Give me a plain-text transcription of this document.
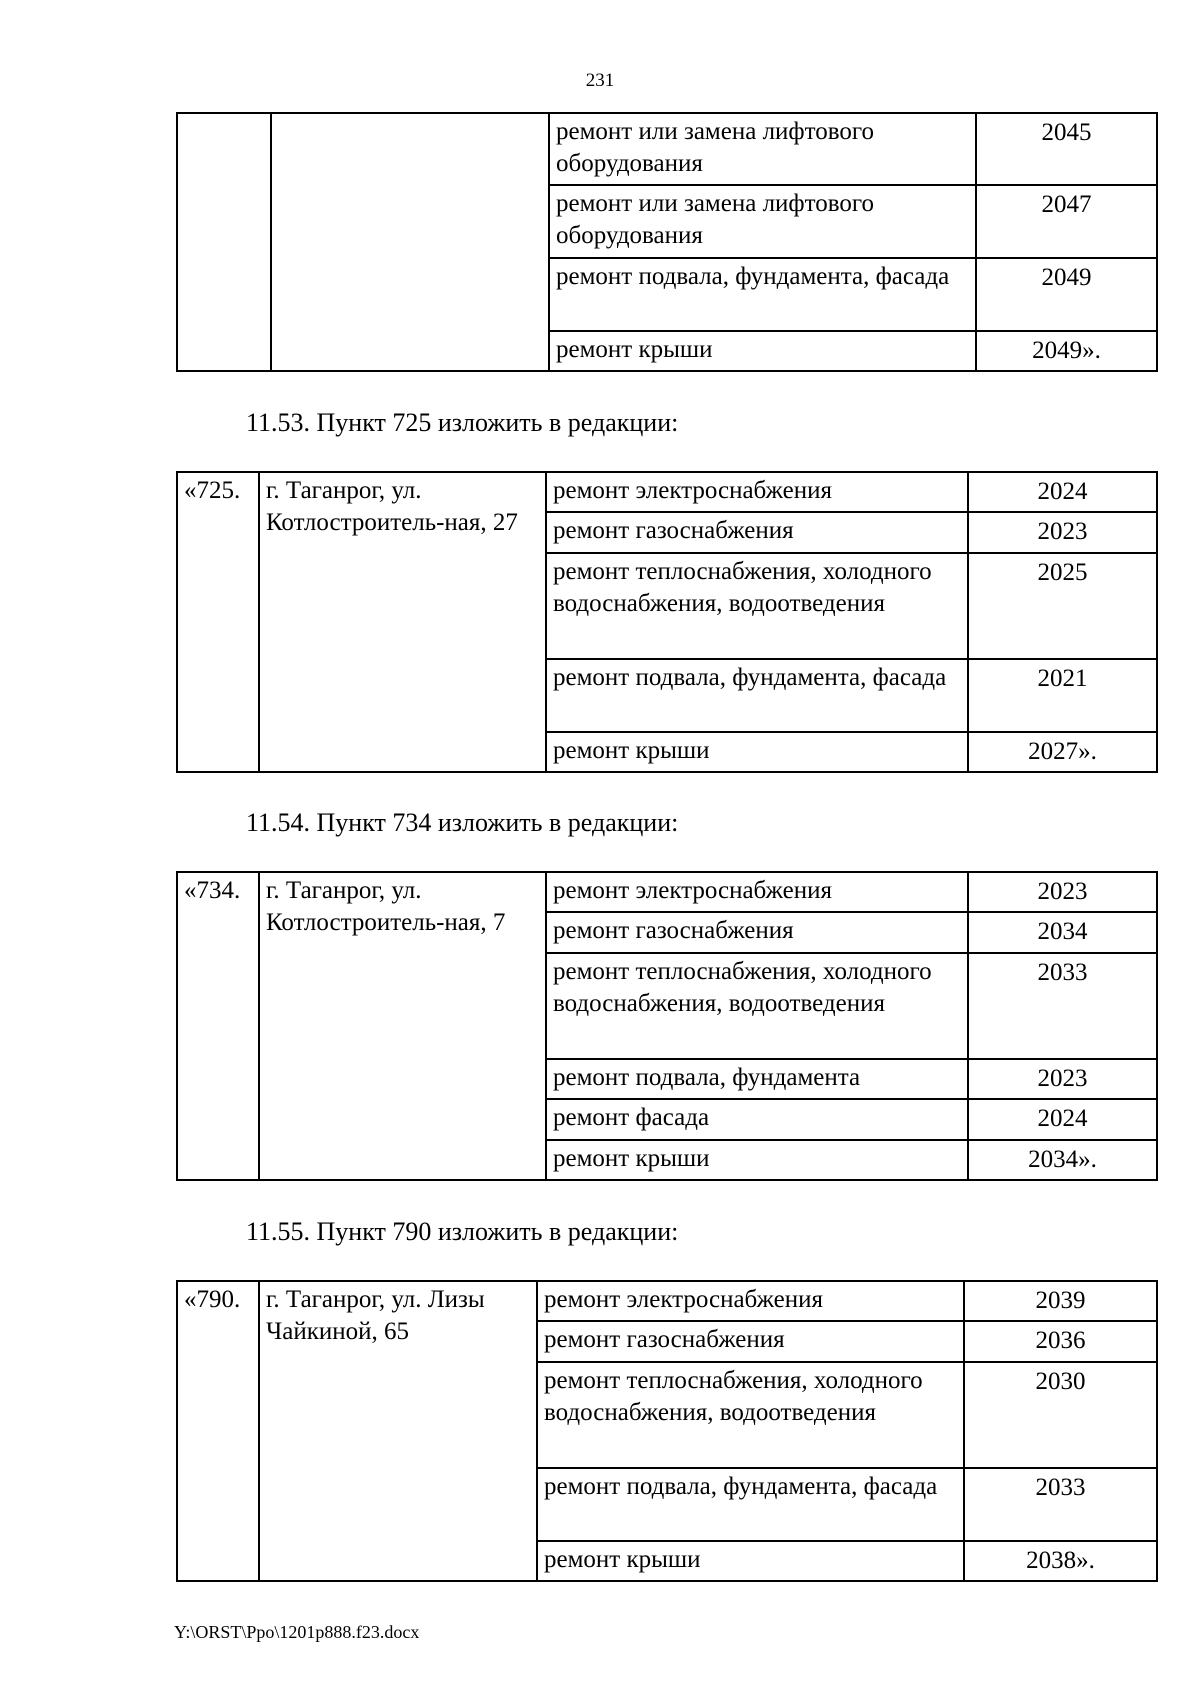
231
		ремонт или замена лифтового оборудования	2045
		ремонт или замена лифтового оборудования	2047
		ремонт подвала, фундамента, фасада	2049
		ремонт крыши	2049».
11.53. Пункт 725 изложить в редакции:
«725.	г. Таганрог, ул. Котлостроитель-ная, 27	ремонт электроснабжения	2024
		ремонт газоснабжения	2023
		ремонт теплоснабжения, холодного водоснабжения, водоотведения	2025
		ремонт подвала, фундамента, фасада	2021
		ремонт крыши	2027».
11.54. Пункт 734 изложить в редакции:
«734.	г. Таганрог, ул. Котлостроитель-ная, 7	ремонт электроснабжения	2023
		ремонт газоснабжения	2034
		ремонт теплоснабжения, холодного водоснабжения, водоотведения	2033
		ремонт подвала, фундамента	2023
		ремонт фасада	2024
		ремонт крыши	2034».
11.55. Пункт 790 изложить в редакции:
«790.	г. Таганрог, ул. Лизы Чайкиной, 65	ремонт электроснабжения	2039
		ремонт газоснабжения	2036
		ремонт теплоснабжения, холодного водоснабжения, водоотведения	2030
		ремонт подвала, фундамента, фасада	2033
		ремонт крыши	2038».
Y:\ORST\Ppo\1201p888.f23.docx
